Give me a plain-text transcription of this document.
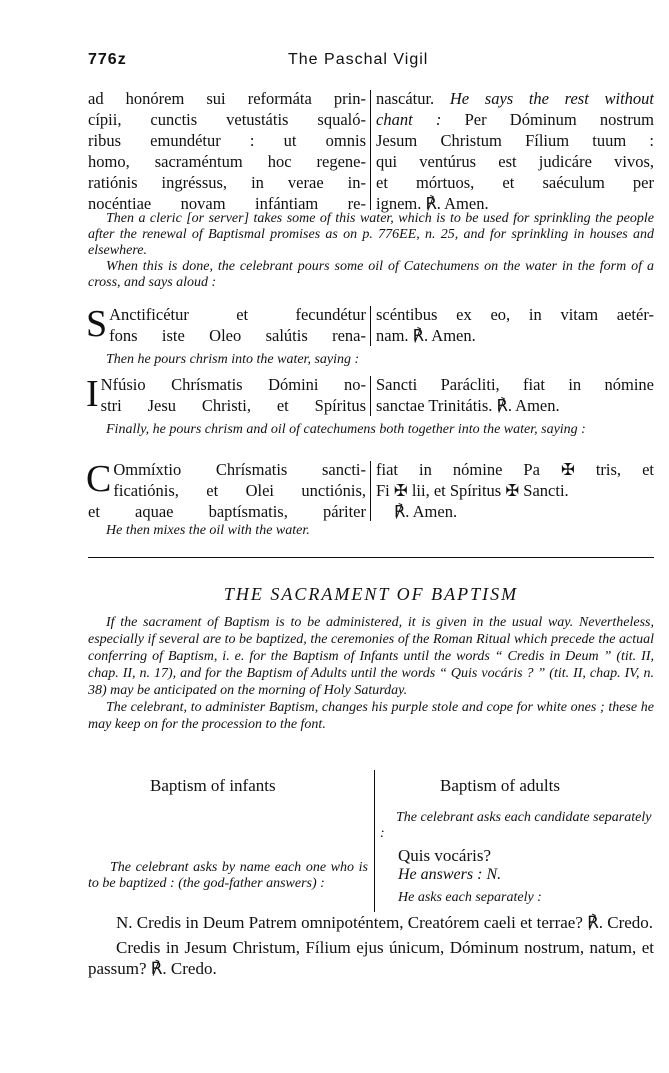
776z	The Paschal Vigil
ad honórem sui reformáta prin-
cípii, cunctis vetustátis squaló-
ribus emundétur : ut omnis
homo, sacraméntum hoc regene-
ratiónis ingréssus, in verae in-
nocéntiae novam infántiam re-
nascátur. He says the rest without
chant : Per Dóminum nostrum
Jesum Christum Fílium tuum :
qui ventúrus est judicáre vivos,
et mórtuos, et saéculum per
ignem. ℟. Amen.
Then a cleric [or server] takes some of this water, which is to be used for sprinkling the people after the renewal of Baptismal promises as on p. 776EE, n. 25, and for sprinkling in houses and elsewhere.
When this is done, the celebrant pours some oil of Catechumens on the water in the form of a cross, and says aloud :
S Anctificétur et fecundétur
fons iste Oleo salútis rena-
scéntibus ex eo, in vitam aetér-
nam. ℟. Amen.
Then he pours chrism into the water, saying :
I Nfúsio Chrísmatis Dómini no-
stri Jesu Christi, et Spíritus
Sancti Parácliti, fiat in nómine
sanctae Trinitátis. ℟. Amen.
Finally, he pours chrism and oil of catechumens both together into the water, saying :
C Ommíxtio Chrísmatis sancti-
ficatiónis, et Olei unctiónis,
et aquae baptísmatis, páriter
fiat in nómine Pa ✠ tris, et
Fi ✠ lii, et Spíritus ✠ Sancti.
℟. Amen.
He then mixes the oil with the water.
THE SACRAMENT OF BAPTISM

If the sacrament of Baptism is to be administered, it is given in the usual way. Nevertheless, especially if several are to be baptized, the ceremonies of the Roman Ritual which precede the actual conferring of Baptism, i. e. for the Baptism of Infants until the words “ Credis in Deum ” (tit. II, chap. II, n. 17), and for the Baptism of Adults until the words “ Quis vocáris ? ” (tit. II, chap. IV, n. 38) may be anticipated on the morning of Holy Saturday.

The celebrant, to administer Baptism, changes his purple stole and cope for white ones ; these he may keep on for the procession to the font.

Baptism of infants	Baptism of adults
The celebrant asks by name each one who is to be baptized : (the god-father answers) :
The celebrant asks each candidate separately :
Quis vocáris?
He answers : N.
He asks each separately :

N. Credis in Deum Patrem omnipoténtem, Creatórem caeli et terrae? ℟. Credo.

Credis in Jesum Christum, Fílium ejus únicum, Dóminum nostrum, natum, et passum? ℟. Credo.
